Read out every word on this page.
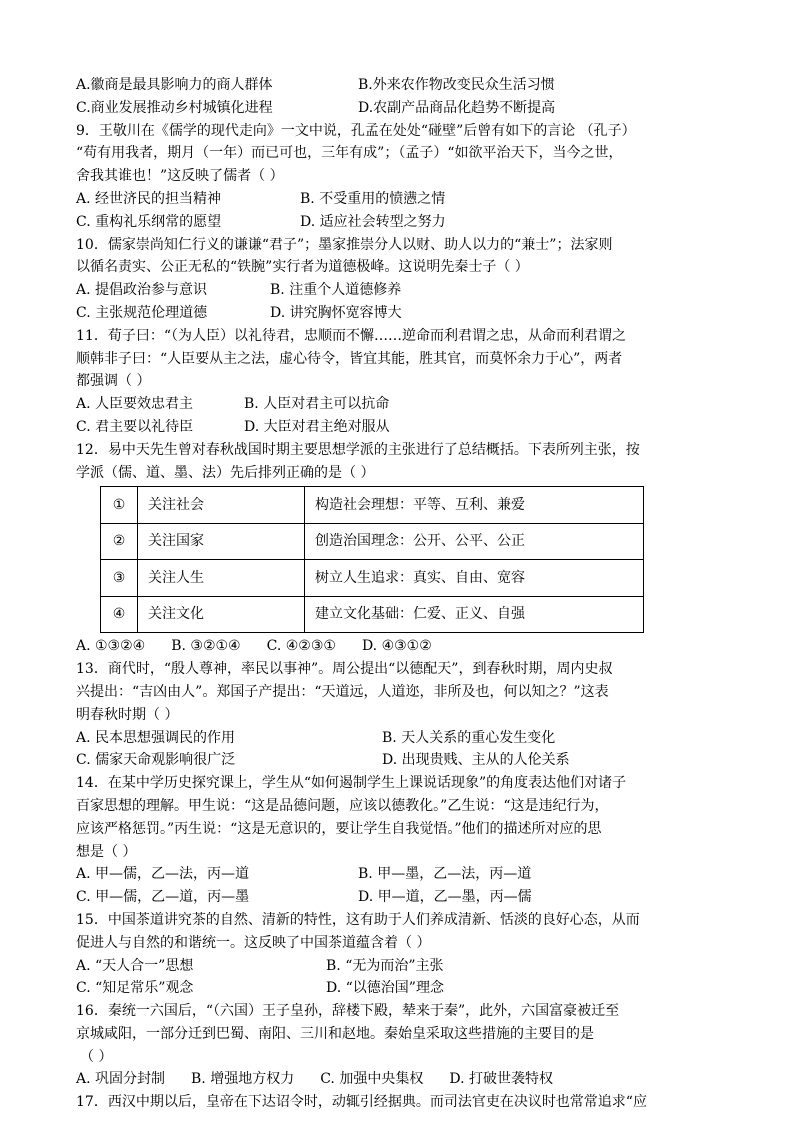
A.徽商是最具影响力的商人群体	B.外来农作物改变民众生活习惯
C.商业发展推动乡村城镇化进程	D.农副产品商品化趋势不断提高
9．王敬川在《儒学的现代走向》一文中说，孔孟在处处“碰壁”后曾有如下的言论 （孔子）
“苟有用我者，期月（一年）而已可也，三年有成”；（孟子）“如欲平治天下，当今之世，
舍我其谁也！”这反映了儒者（ ）
A. 经世济民的担当精神	B. 不受重用的愤懑之情
C. 重构礼乐纲常的愿望	D. 适应社会转型之努力
10．儒家崇尚知仁行义的谦谦“君子”；墨家推崇分人以财、助人以力的“兼士”；法家则
以循名责实、公正无私的“铁腕”实行者为道德极峰。这说明先秦士子（ ）
A. 提倡政治参与意识	B. 注重个人道德修养
C. 主张规范伦理道德	D. 讲究胸怀宽容博大
11．荀子曰：“（为人臣）以礼待君，忠顺而不懈……逆命而利君谓之忠，从命而利君谓之
顺韩非子曰：“人臣要从主之法，虚心待令，皆宜其能，胜其官，而莫怀余力于心”，两者
都强调（ ）
A. 人臣要效忠君主	B. 人臣对君主可以抗命
C. 君主要以礼待臣	D. 大臣对君主绝对服从
12．易中天先生曾对春秋战国时期主要思想学派的主张进行了总结概括。下表所列主张，按
学派（儒、道、墨、法）先后排列正确的是（ ）
①	关注社会	构造社会理想：平等、互利、兼爱
②	关注国家	创造治国理念：公开、公平、公正
③	关注人生	树立人生追求：真实、自由、宽容
④	关注文化	建立文化基础：仁爱、正义、自强
A. ①③②④ B. ③②①④ C. ④②③① D. ④③①②
13．商代时，“殷人尊神，率民以事神”。周公提出“以德配天”，到春秋时期，周内史叔
兴提出：“吉凶由人”。郑国子产提出：“天道远，人道迩，非所及也，何以知之？”这表
明春秋时期（ ）
A. 民本思想强调民的作用	B. 天人关系的重心发生变化
C. 儒家天命观影响很广泛	D. 出现贵贱、主从的人伦关系
14．在某中学历史探究课上，学生从“如何遏制学生上课说话现象”的角度表达他们对诸子
百家思想的理解。甲生说：“这是品德问题，应该以德教化。”乙生说：“这是违纪行为，
应该严格惩罚。”丙生说：“这是无意识的，要让学生自我觉悟。”他们的描述所对应的思
想是（ ）
A. 甲—儒，乙—法，丙—道	B. 甲—墨，乙—法，丙—道
C. 甲—儒，乙—道，丙—墨	D. 甲—道，乙—墨，丙—儒
15．中国茶道讲究茶的自然、清新的特性，这有助于人们养成清新、恬淡的良好心态，从而
促进人与自然的和谐统一。这反映了中国茶道蕴含着（ ）
A. “天人合一”思想	B. “无为而治”主张
C. “知足常乐”观念	D. “以德治国”理念
16．秦统一六国后，“（六国）王子皇孙，辞楼下殿，辇来于秦”，此外，六国富豪被迁至
京城咸阳，一部分迁到巴蜀、南阳、三川和赵地。秦始皇采取这些措施的主要目的是
（ ）
A. 巩固分封制 B. 增强地方权力 C. 加强中央集权 D. 打破世袭特权
17．西汉中期以后，皇帝在下达诏令时，动辄引经据典。而司法官吏在决议时也常常追求“应
